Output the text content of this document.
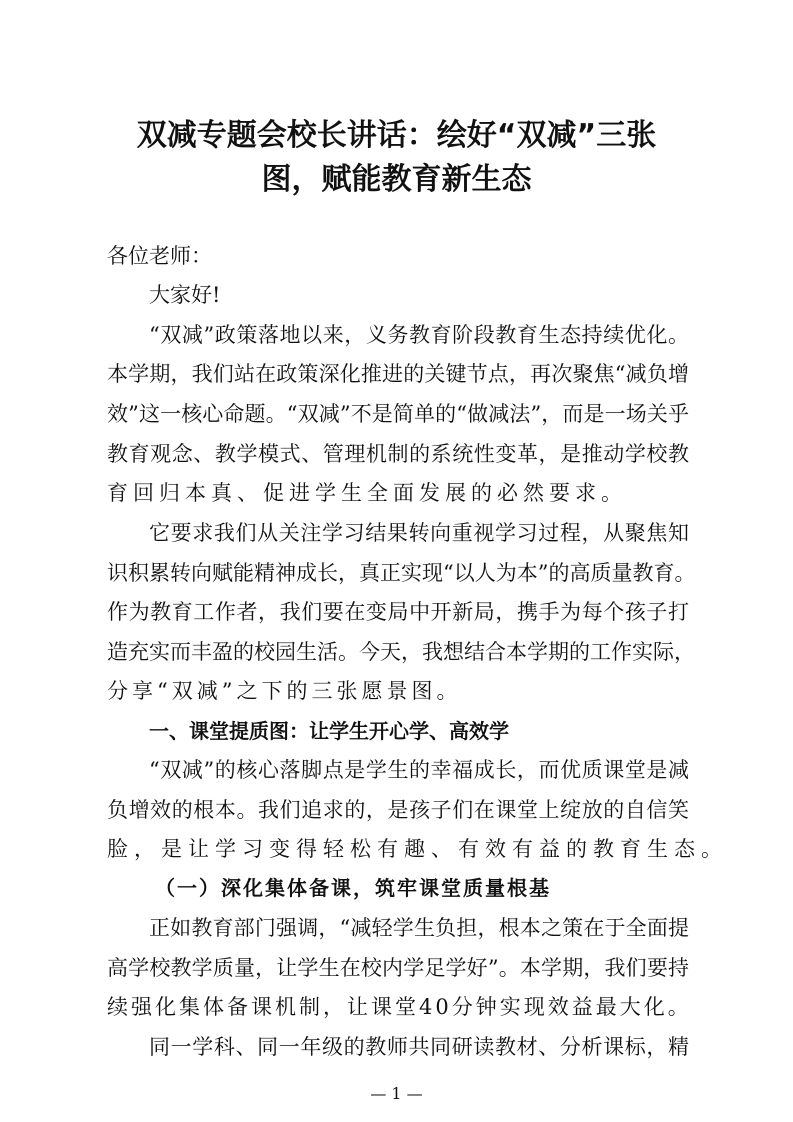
双减专题会校长讲话：绘好“双减”三张
图，赋能教育新生态
各位老师：
大家好!
“双减”政策落地以来，义务教育阶段教育生态持续优化。
本学期，我们站在政策深化推进的关键节点，再次聚焦“减负增
效”这一核心命题。“双减”不是简单的“做减法”，而是一场关乎
教育观念、教学模式、管理机制的系统性变革，是推动学校教
育回归本真、促进学生全面发展的必然要求。
它要求我们从关注学习结果转向重视学习过程，从聚焦知
识积累转向赋能精神成长，真正实现“以人为本”的高质量教育。
作为教育工作者，我们要在变局中开新局，携手为每个孩子打
造充实而丰盈的校园生活。今天，我想结合本学期的工作实际，
分享“双减”之下的三张愿景图。
一、课堂提质图：让学生开心学、高效学
“双减”的核心落脚点是学生的幸福成长，而优质课堂是减
负增效的根本。我们追求的，是孩子们在课堂上绽放的自信笑
脸，是让学习变得轻松有趣、有效有益的教育生态。
（一）深化集体备课，筑牢课堂质量根基
正如教育部门强调，“减轻学生负担，根本之策在于全面提
高学校教学质量，让学生在校内学足学好”。本学期，我们要持
续强化集体备课机制，让课堂40分钟实现效益最大化。
同一学科、同一年级的教师共同研读教材、分析课标，精
— 1 —
